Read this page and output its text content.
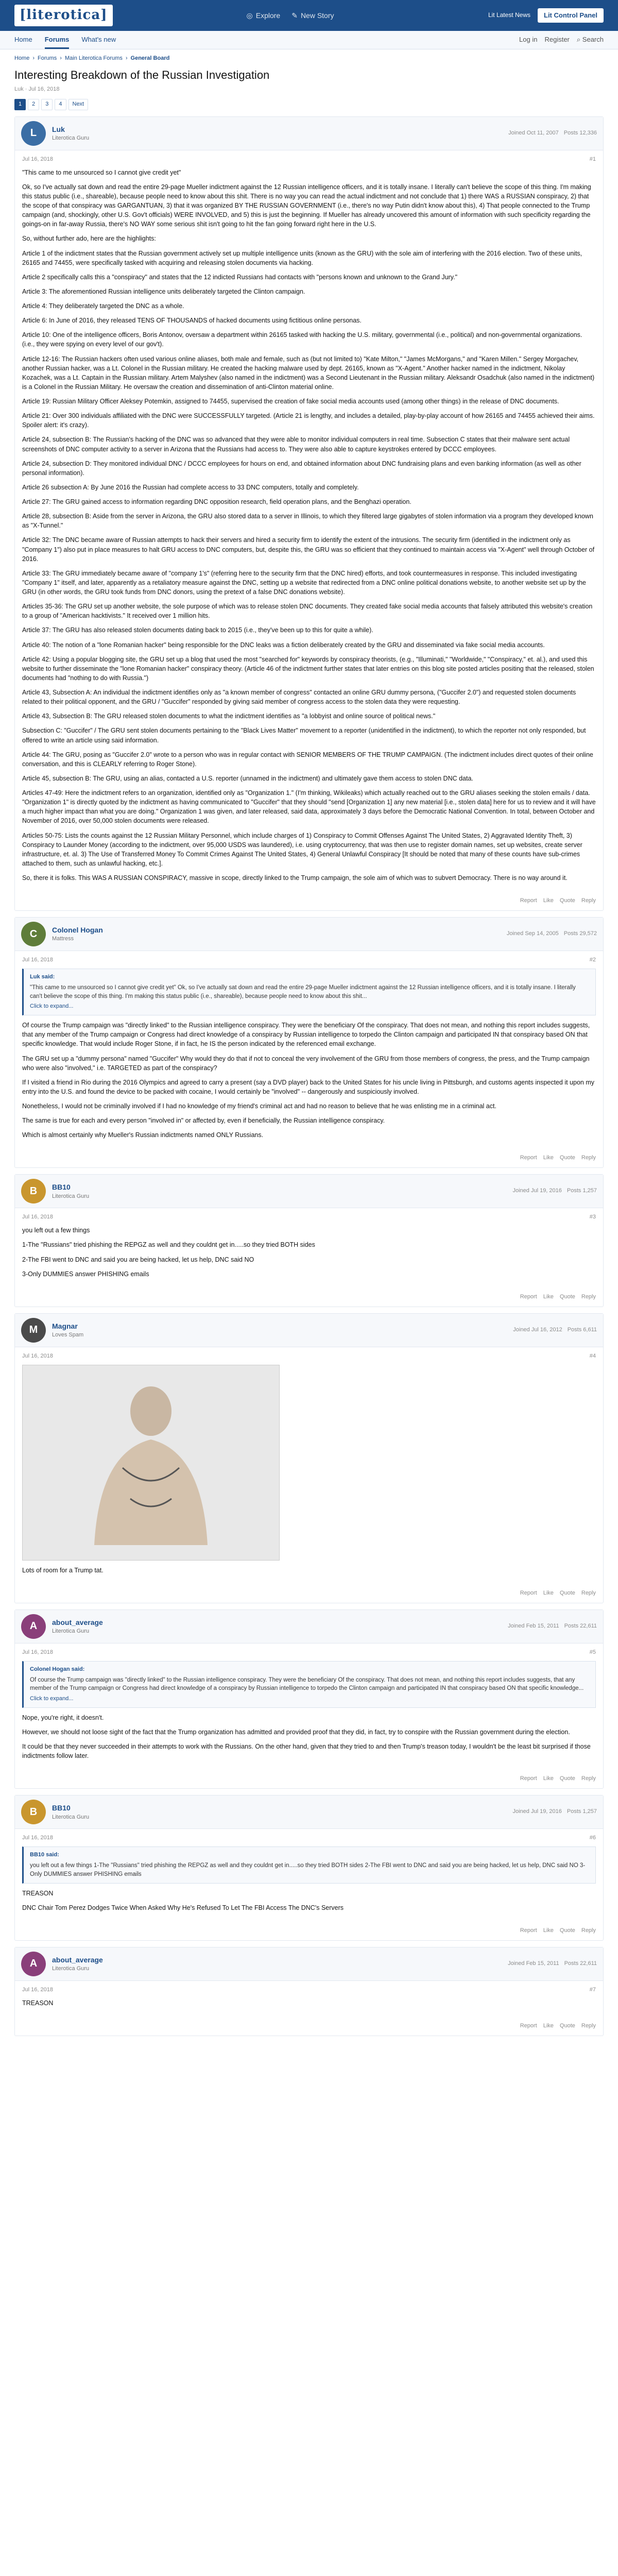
[literotica]	◎ Explore ✎ New Story	Lit Latest News	Lit Control Panel
Home Forums What's new	Log in Register ⌕ Search
Home › Forums › Main Literotica Forums › General Board
Interesting Breakdown of the Russian Investigation
Luk · Jul 16, 2018
1	2	3	4	Next
L	Luk
Literotica Guru
Joined Oct 11, 2007 Posts 12,336
Jul 16, 2018	#1

"This came to me unsourced so I cannot give credit yet"

Ok, so I've actually sat down and read the entire 29-page Mueller indictment against the 12 Russian intelligence officers, and it is totally insane. I literally can't believe the scope of this thing. I'm making this status public (i.e., shareable), because people need to know about this shit. There is no way you can read the actual indictment and not conclude that 1) there WAS a RUSSIAN conspiracy, 2) that the scope of that conspiracy was GARGANTUAN, 3) that it was organized BY THE RUSSIAN GOVERNMENT (i.e., there's no way Putin didn't know about this), 4) That people connected to the Trump campaign (and, shockingly, other U.S. Gov't officials) WERE INVOLVED, and 5) this is just the beginning. If Mueller has already uncovered this amount of information with such specificity regarding the goings-on in far-away Russia, there's NO WAY some serious shit isn't going to hit the fan going forward right here in the U.S.

So, without further ado, here are the highlights:

Article 1 of the indictment states that the Russian government actively set up multiple intelligence units (known as the GRU) with the sole aim of interfering with the 2016 election. Two of these units, 26165 and 74455, were specifically tasked with acquiring and releasing stolen documents via hacking.

Article 2 specifically calls this a "conspiracy" and states that the 12 indicted Russians had contacts with "persons known and unknown to the Grand Jury."

Article 3: The aforementioned Russian intelligence units deliberately targeted the Clinton campaign.

Article 4: They deliberately targeted the DNC as a whole.

Article 6: In June of 2016, they released TENS OF THOUSANDS of hacked documents using fictitious online personas.

Article 10: One of the intelligence officers, Boris Antonov, oversaw a department within 26165 tasked with hacking the U.S. military, governmental (i.e., political) and non-governmental organizations. (i.e., they were spying on every level of our gov't).

Article 12-16: The Russian hackers often used various online aliases, both male and female, such as (but not limited to) "Kate Milton," "James McMorgans," and "Karen Millen." Sergey Morgachev, another Russian hacker, was a Lt. Colonel in the Russian military. He created the hacking malware used by dept. 26165, known as "X-Agent." Another hacker named in the indictment, Nikolay Kozachek, was a Lt. Captain in the Russian military. Artem Malyshev (also named in the indictment) was a Second Lieutenant in the Russian military. Aleksandr Osadchuk (also named in the indictment) is a Colonel in the Russian Military. He oversaw the creation and dissemination of anti-Clinton material online.

Article 19: Russian Military Officer Aleksey Potemkin, assigned to 74455, supervised the creation of fake social media accounts used (among other things) in the release of DNC documents.

Article 21: Over 300 individuals affiliated with the DNC were SUCCESSFULLY targeted. (Article 21 is lengthy, and includes a detailed, play-by-play account of how 26165 and 74455 achieved their aims. Spoiler alert: it's crazy).

Article 24, subsection B: The Russian's hacking of the DNC was so advanced that they were able to monitor individual computers in real time. Subsection C states that their malware sent actual screenshots of DNC computer activity to a server in Arizona that the Russians had access to. They were also able to capture keystrokes entered by DCCC employees.

Article 24, subsection D: They monitored individual DNC / DCCC employees for hours on end, and obtained information about DNC fundraising plans and even banking information (as well as other personal information).

Article 26 subsection A: By June 2016 the Russian had complete access to 33 DNC computers, totally and completely.

Article 27: The GRU gained access to information regarding DNC opposition research, field operation plans, and the Benghazi operation.

Article 28, subsection B: Aside from the server in Arizona, the GRU also stored data to a server in Illinois, to which they filtered large gigabytes of stolen information via a program they developed known as "X-Tunnel."

Article 32: The DNC became aware of Russian attempts to hack their servers and hired a security firm to identify the extent of the intrusions. The security firm (identified in the indictment only as "Company 1") also put in place measures to halt GRU access to DNC computers, but, despite this, the GRU was so efficient that they continued to maintain access via "X-Agent" well through October of 2016.

Article 33: The GRU immediately became aware of "company 1's" (referring here to the security firm that the DNC hired) efforts, and took countermeasures in response. This included investigating "Company 1" itself, and later, apparently as a retaliatory measure against the DNC, setting up a website that redirected from a DNC online political donations website, to another website set up by the GRU (in other words, the GRU took funds from DNC donors, using the pretext of a false DNC donations website).

Articles 35-36: The GRU set up another website, the sole purpose of which was to release stolen DNC documents. They created fake social media accounts that falsely attributed this website's creation to a group of "American hacktivists." It received over 1 million hits.

Article 37: The GRU has also released stolen documents dating back to 2015 (i.e., they've been up to this for quite a while).

Article 40: The notion of a "lone Romanian hacker" being responsible for the DNC leaks was a fiction deliberately created by the GRU and disseminated via fake social media accounts.

Article 42: Using a popular blogging site, the GRU set up a blog that used the most "searched for" keywords by conspiracy theorists, (e.g., "Illuminati," "Worldwide," "Conspiracy," et. al.), and used this website to further disseminate the "lone Romanian hacker" conspiracy theory. (Article 46 of the indictment further states that later entries on this blog site posted articles positing that the released, stolen documents had "nothing to do with Russia.")

Article 43, Subsection A: An individual the indictment identifies only as "a known member of congress" contacted an online GRU dummy persona, ("Guccifer 2.0") and requested stolen documents related to their political opponent, and the GRU / "Guccifer" responded by giving said member of congress access to the stolen data they were requesting.

Article 43, Subsection B: The GRU released stolen documents to what the indictment identifies as "a lobbyist and online source of political news."

Subsection C: "Guccifer" / The GRU sent stolen documents pertaining to the "Black Lives Matter" movement to a reporter (unidentified in the indictment), to which the reporter not only responded, but offered to write an article using said information.

Article 44: The GRU, posing as "Guccifer 2.0" wrote to a person who was in regular contact with SENIOR MEMBERS OF THE TRUMP CAMPAIGN. (The indictment includes direct quotes of their online conversation, and this is CLEARLY referring to Roger Stone).

Article 45, subsection B: The GRU, using an alias, contacted a U.S. reporter (unnamed in the indictment) and ultimately gave them access to stolen DNC data.

Articles 47-49: Here the indictment refers to an organization, identified only as "Organization 1." (I'm thinking, Wikileaks) which actually reached out to the GRU aliases seeking the stolen emails / data. "Organization 1" is directly quoted by the indictment as having communicated to "Guccifer" that they should "send [Organization 1] any new material [i.e., stolen data] here for us to review and it will have a much higher impact than what you are doing." Organization 1 was given, and later released, said data, approximately 3 days before the Democratic National Convention. In total, between October and November of 2016, over 50,000 stolen documents were released.

Articles 50-75: Lists the counts against the 12 Russian Military Personnel, which include charges of 1) Conspiracy to Commit Offenses Against The United States, 2) Aggravated Identity Theft, 3) Conspiracy to Launder Money (according to the indictment, over 95,000 USDS was laundered), i.e. using cryptocurrency, that was then use to register domain names, set up websites, create server infrastructure, et. al. 3) The Use of Transferred Money To Commit Crimes Against The United States, 4) General Unlawful Conspiracy [It should be noted that many of these counts have sub-crimes attached to them, such as unlawful hacking, etc.].

So, there it is folks. This WAS A RUSSIAN CONSPIRACY, massive in scope, directly linked to the Trump campaign, the sole aim of which was to subvert Democracy. There is no way around it.

Report Like Quote Reply
C	Colonel Hogan
Mattress
Joined Sep 14, 2005 Posts 29,572
Jul 16, 2018	#2
Luk said:
"This came to me unsourced so I cannot give credit yet" Ok, so I've actually sat down and read the entire 29-page Mueller indictment against the 12 Russian intelligence officers, and it is totally insane. I literally can't believe the scope of this thing. I'm making this status public (i.e., shareable), because people need to know about this shit...
Click to expand...

Of course the Trump campaign was "directly linked" to the Russian intelligence conspiracy. They were the beneficiary Of the conspiracy. That does not mean, and nothing this report includes suggests, that any member of the Trump campaign or Congress had direct knowledge of a conspiracy by Russian intelligence to torpedo the Clinton campaign and participated IN that conspiracy based ON that specific knowledge. That would include Roger Stone, if in fact, he IS the person indicated by the referenced email exchange.

The GRU set up a "dummy persona" named "Guccifer" Why would they do that if not to conceal the very involvement of the GRU from those members of congress, the press, and the Trump campaign who were also "involved," i.e. TARGETED as part of the conspiracy?

If I visited a friend in Rio during the 2016 Olympics and agreed to carry a present (say a DVD player) back to the United States for his uncle living in Pittsburgh, and customs agents inspected it upon my entry into the U.S. and found the device to be packed with cocaine, I would certainly be "involved" -- dangerously and suspiciously involved.

Nonetheless, I would not be criminally involved if I had no knowledge of my friend's criminal act and had no reason to believe that he was enlisting me in a criminal act.

The same is true for each and every person "involved in" or affected by, even if beneficially, the Russian intelligence conspiracy.

Which is almost certainly why Mueller's Russian indictments named ONLY Russians.

Report Like Quote Reply
B	BB10
Literotica Guru
Joined Jul 19, 2016 Posts 1,257
Jul 16, 2018	#3

you left out a few things

1-The "Russians" tried phishing the REPGZ as well and they couldnt get in.....so they tried BOTH sides

2-The FBI went to DNC and said you are being hacked, let us help, DNC said NO

3-Only DUMMIES answer PHISHING emails

Report Like Quote Reply
M	Magnar
Loves Spam
Joined Jul 16, 2012 Posts 6,611
Jul 16, 2018	#4

Lots of room for a Trump tat.

Report Like Quote Reply
A	about_average
Literotica Guru
Joined Feb 15, 2011 Posts 22,611
Jul 16, 2018	#5
Colonel Hogan said:
Of course the Trump campaign was "directly linked" to the Russian intelligence conspiracy. They were the beneficiary Of the conspiracy. That does not mean, and nothing this report includes suggests, that any member of the Trump campaign or Congress had direct knowledge of a conspiracy by Russian intelligence to torpedo the Clinton campaign and participated IN that conspiracy based ON that specific knowledge...
Click to expand...

Nope, you're right, it doesn't.

However, we should not loose sight of the fact that the Trump organization has admitted and provided proof that they did, in fact, try to conspire with the Russian government during the election.

It could be that they never succeeded in their attempts to work with the Russians. On the other hand, given that they tried to and then Trump's treason today, I wouldn't be the least bit surprised if those indictments follow later.

Report Like Quote Reply
B	BB10
Literotica Guru
Joined Jul 19, 2016 Posts 1,257
Jul 16, 2018	#6
BB10 said:
you left out a few things 1-The "Russians" tried phishing the REPGZ as well and they couldnt get in.....so they tried BOTH sides 2-The FBI went to DNC and said you are being hacked, let us help, DNC said NO 3-Only DUMMIES answer PHISHING emails

TREASON

DNC Chair Tom Perez Dodges Twice When Asked Why He's Refused To Let The FBI Access The DNC's Servers

Report Like Quote Reply
A	about_average
Literotica Guru
Joined Feb 15, 2011 Posts 22,611
Jul 16, 2018	#7

TREASON

Report Like Quote Reply
